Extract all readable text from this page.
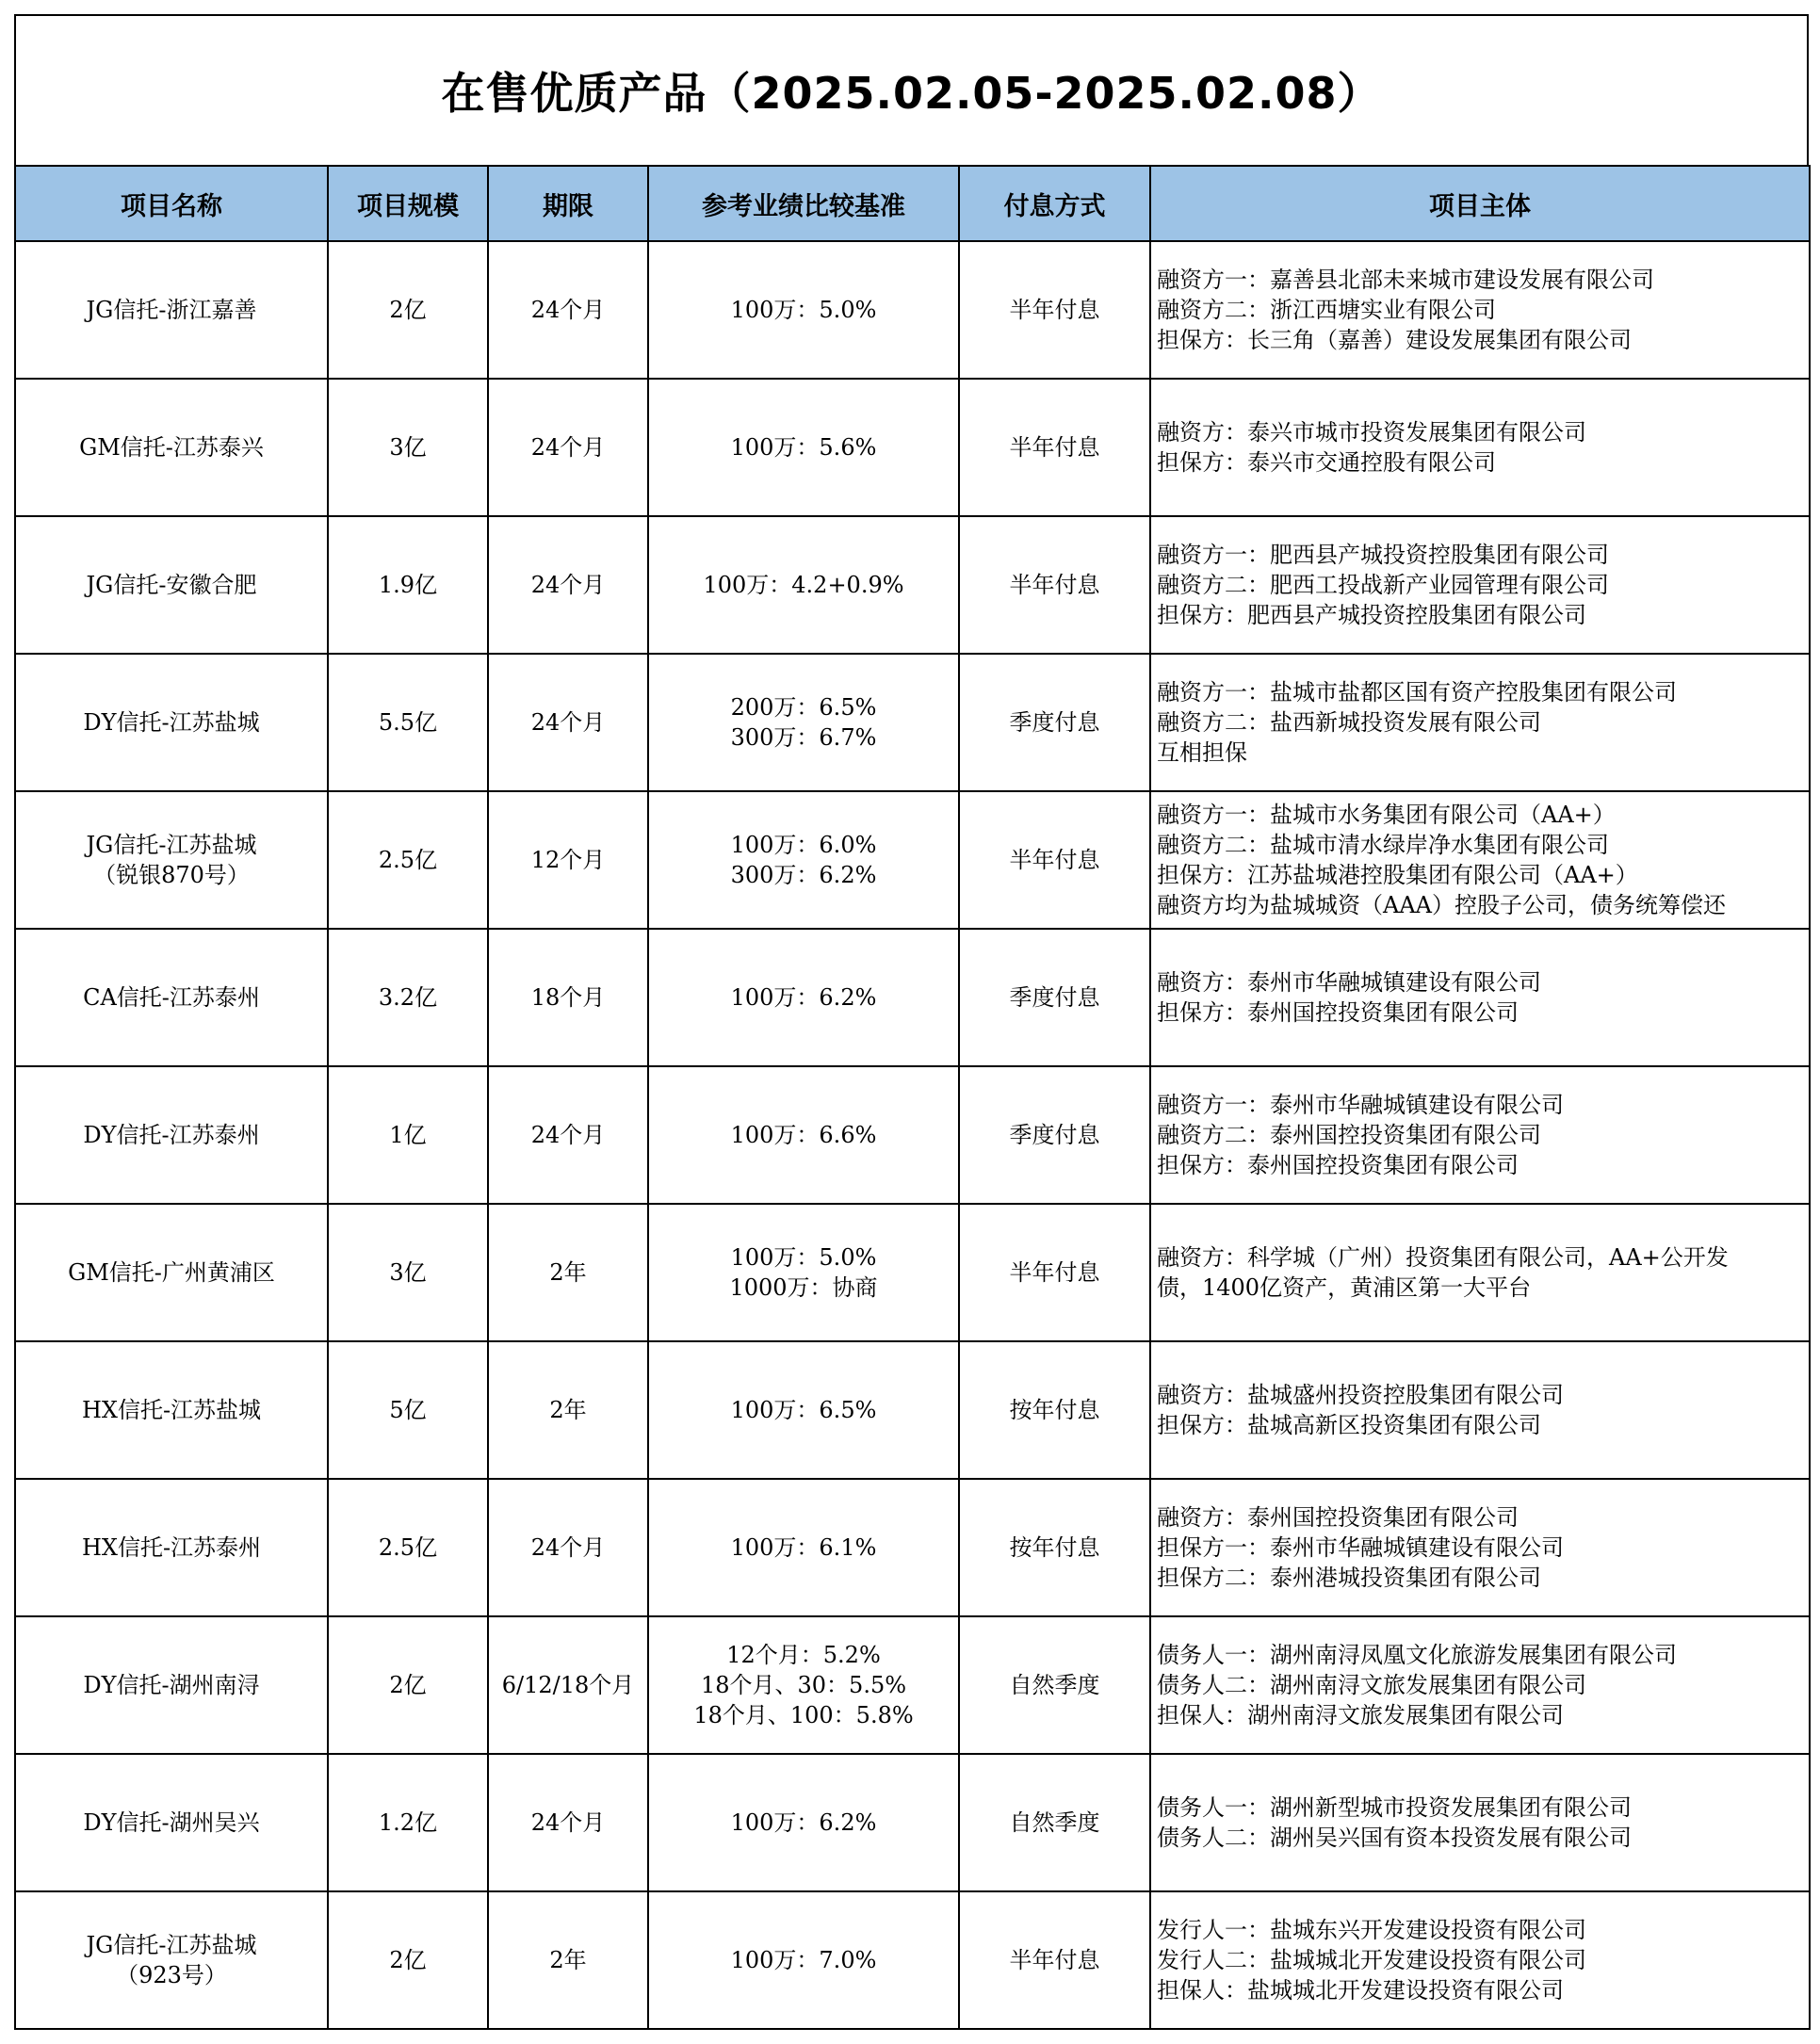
在售优质产品（2025.02.05-2025.02.08）
项目名称	项目规模	期限	参考业绩比较基准	付息方式	项目主体

JG信托-浙江嘉善	2亿	24个月	100万：5.0%	半年付息	融资方一：嘉善县北部未来城市建设发展有限公司
融资方二：浙江西塘实业有限公司
担保方：长三角（嘉善）建设发展集团有限公司

GM信托-江苏泰兴	3亿	24个月	100万：5.6%	半年付息	融资方：泰兴市城市投资发展集团有限公司
担保方：泰兴市交通控股有限公司

JG信托-安徽合肥	1.9亿	24个月	100万：4.2+0.9%	半年付息	融资方一：肥西县产城投资控股集团有限公司
融资方二：肥西工投战新产业园管理有限公司
担保方：肥西县产城投资控股集团有限公司

DY信托-江苏盐城	5.5亿	24个月	200万：6.5%
300万：6.7%	季度付息	融资方一：盐城市盐都区国有资产控股集团有限公司
融资方二：盐西新城投资发展有限公司
互相担保

JG信托-江苏盐城
（锐银870号）	2.5亿	12个月	100万：6.0%
300万：6.2%	半年付息	融资方一：盐城市水务集团有限公司（AA+）
融资方二：盐城市清水绿岸净水集团有限公司
担保方：江苏盐城港控股集团有限公司（AA+）
融资方均为盐城城资（AAA）控股子公司，债务统筹偿还

CA信托-江苏泰州	3.2亿	18个月	100万：6.2%	季度付息	融资方：泰州市华融城镇建设有限公司
担保方：泰州国控投资集团有限公司

DY信托-江苏泰州	1亿	24个月	100万：6.6%	季度付息	融资方一：泰州市华融城镇建设有限公司
融资方二：泰州国控投资集团有限公司
担保方：泰州国控投资集团有限公司

GM信托-广州黄浦区	3亿	2年	100万：5.0%
1000万：协商	半年付息	融资方：科学城（广州）投资集团有限公司，AA+公开发
债，1400亿资产，黄浦区第一大平台

HX信托-江苏盐城	5亿	2年	100万：6.5%	按年付息	融资方：盐城盛州投资控股集团有限公司
担保方：盐城高新区投资集团有限公司

HX信托-江苏泰州	2.5亿	24个月	100万：6.1%	按年付息	融资方：泰州国控投资集团有限公司
担保方一：泰州市华融城镇建设有限公司
担保方二：泰州港城投资集团有限公司

DY信托-湖州南浔	2亿	6/12/18个月	12个月：5.2%
18个月、30：5.5%
18个月、100：5.8%	自然季度	债务人一：湖州南浔凤凰文化旅游发展集团有限公司
债务人二：湖州南浔文旅发展集团有限公司
担保人：湖州南浔文旅发展集团有限公司

DY信托-湖州吴兴	1.2亿	24个月	100万：6.2%	自然季度	债务人一：湖州新型城市投资发展集团有限公司
债务人二：湖州吴兴国有资本投资发展有限公司

JG信托-江苏盐城
（923号）	2亿	2年	100万：7.0%	半年付息	发行人一：盐城东兴开发建设投资有限公司
发行人二：盐城城北开发建设投资有限公司
担保人：盐城城北开发建设投资有限公司
